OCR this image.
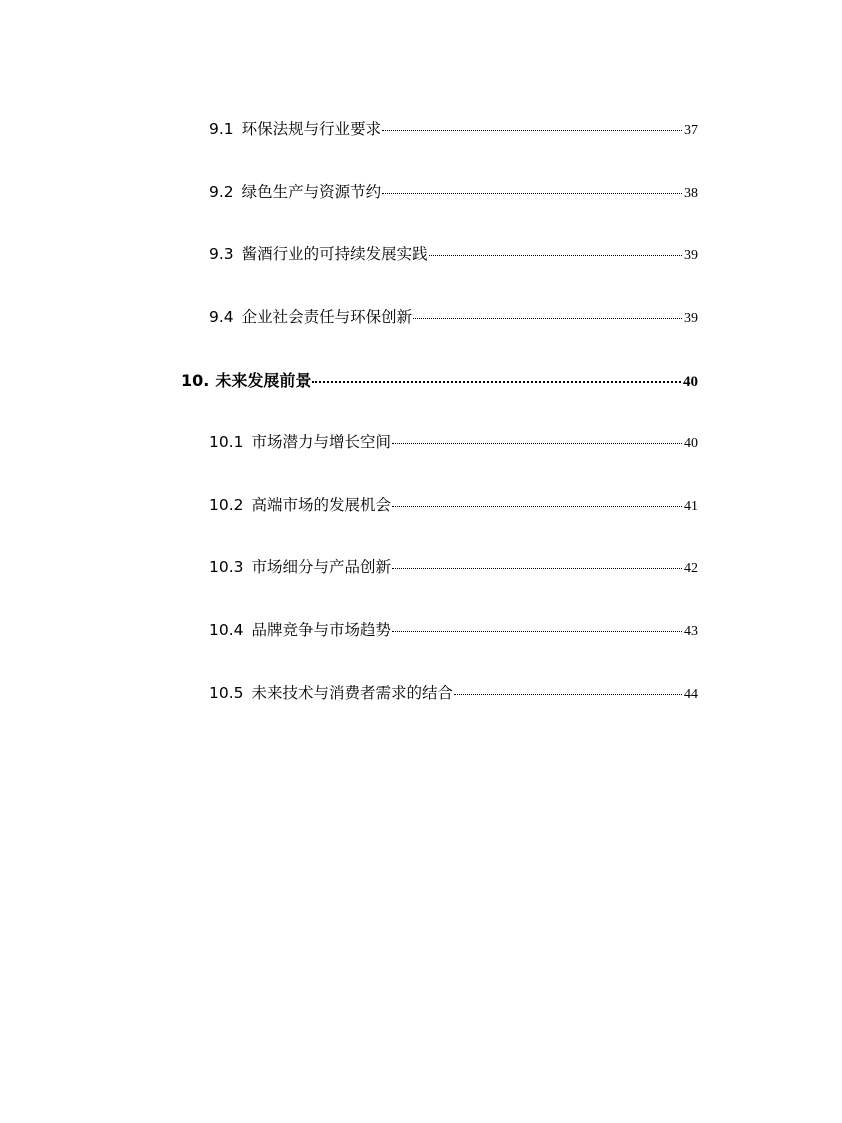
9.1 环保法规与行业要求	37
9.2 绿色生产与资源节约	38
9.3 酱酒行业的可持续发展实践	39
9.4 企业社会责任与环保创新	39
10. 未来发展前景	40
10.1 市场潜力与增长空间	40
10.2 高端市场的发展机会	41
10.3 市场细分与产品创新	42
10.4 品牌竞争与市场趋势	43
10.5 未来技术与消费者需求的结合	44
